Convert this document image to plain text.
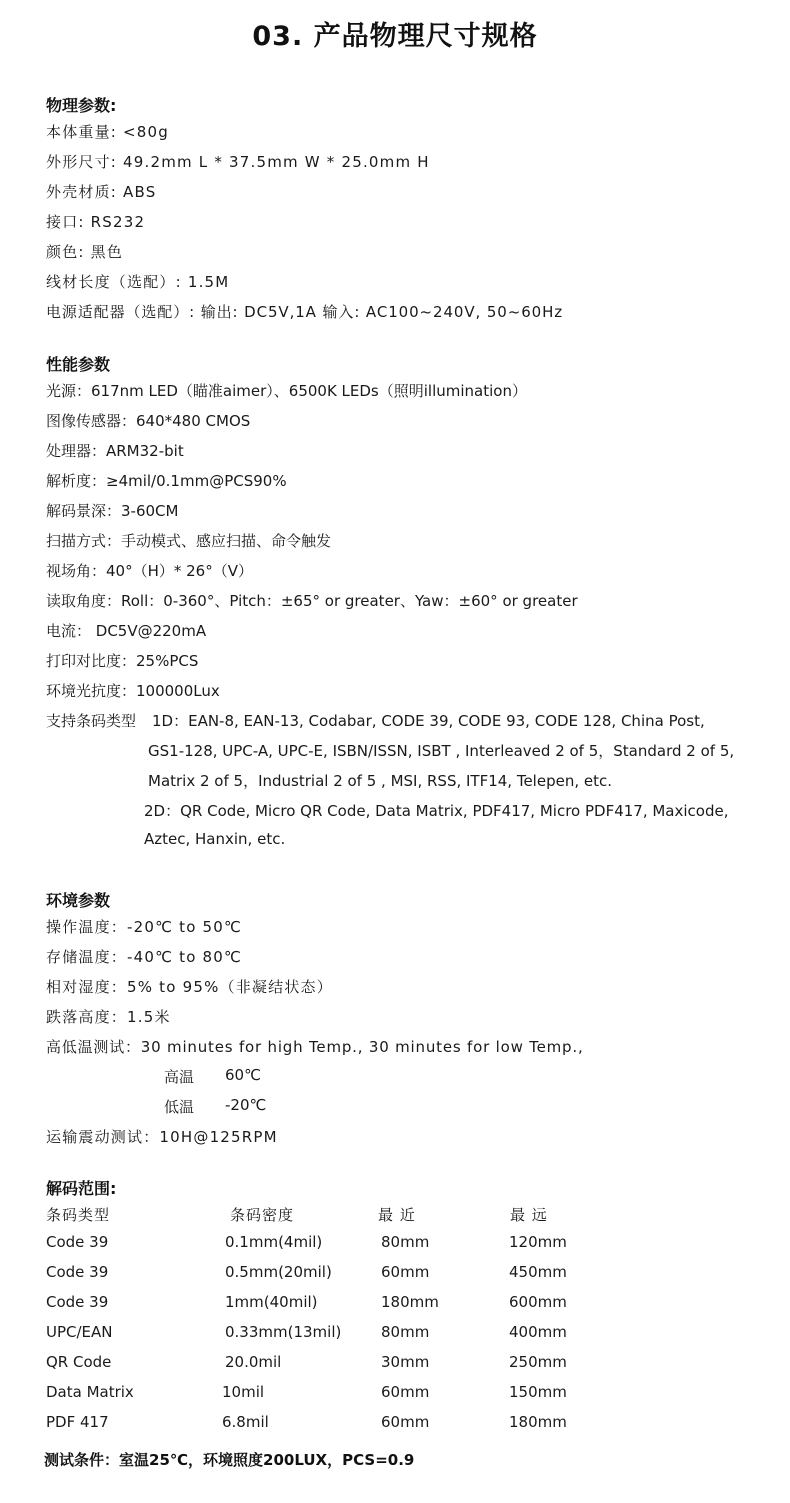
03. 产品物理尺寸规格
物理参数:
本体重量: <80g
外形尺寸: 49.2mm L * 37.5mm W * 25.0mm H
外壳材质: ABS
接口: RS232
颜色: 黑色
线材长度（选配）: 1.5M
电源适配器（选配）: 输出: DC5V,1A 输入: AC100~240V, 50~60Hz
性能参数
光源：617nm LED（瞄准aimer）、6500K LEDs（照明illumination）
图像传感器：640*480 CMOS
处理器：ARM32-bit
解析度：≥4mil/0.1mm@PCS90%
解码景深：3-60CM
扫描方式：手动模式、感应扫描、命令触发
视场角：40°（H）* 26°（V）
读取角度：Roll：0-360°、Pitch：±65° or greater、Yaw：±60° or greater
电流： DC5V@220mA
打印对比度：25%PCS
环境光抗度：100000Lux
支持条码类型 1D：EAN-8, EAN-13, Codabar, CODE 39, CODE 93, CODE 128, China Post,
GS1-128, UPC-A, UPC-E, ISBN/ISSN, ISBT , Interleaved 2 of 5，Standard 2 of 5,
Matrix 2 of 5，Industrial 2 of 5 , MSI, RSS, ITF14, Telepen, etc.
2D：QR Code, Micro QR Code, Data Matrix, PDF417, Micro PDF417, Maxicode,
Aztec, Hanxin, etc.
环境参数
操作温度：-20℃ to 50℃
存储温度：-40℃ to 80℃
相对湿度：5% to 95%（非凝结状态）
跌落高度：1.5米
高低温测试：30 minutes for high Temp., 30 minutes for low Temp.,
高温 60℃
低温 -20℃
运输震动测试：10H@125RPM
解码范围:
条码类型	条码密度	最 近	最 远
Code 39	0.1mm(4mil)	80mm	120mm
Code 39	0.5mm(20mil)	60mm	450mm
Code 39	1mm(40mil)	180mm	600mm
UPC/EAN	0.33mm(13mil)	80mm	400mm
QR Code	20.0mil	30mm	250mm
Data Matrix	10mil	60mm	150mm
PDF 417	6.8mil	60mm	180mm
测试条件：室温25℃，环境照度200LUX，PCS=0.9
